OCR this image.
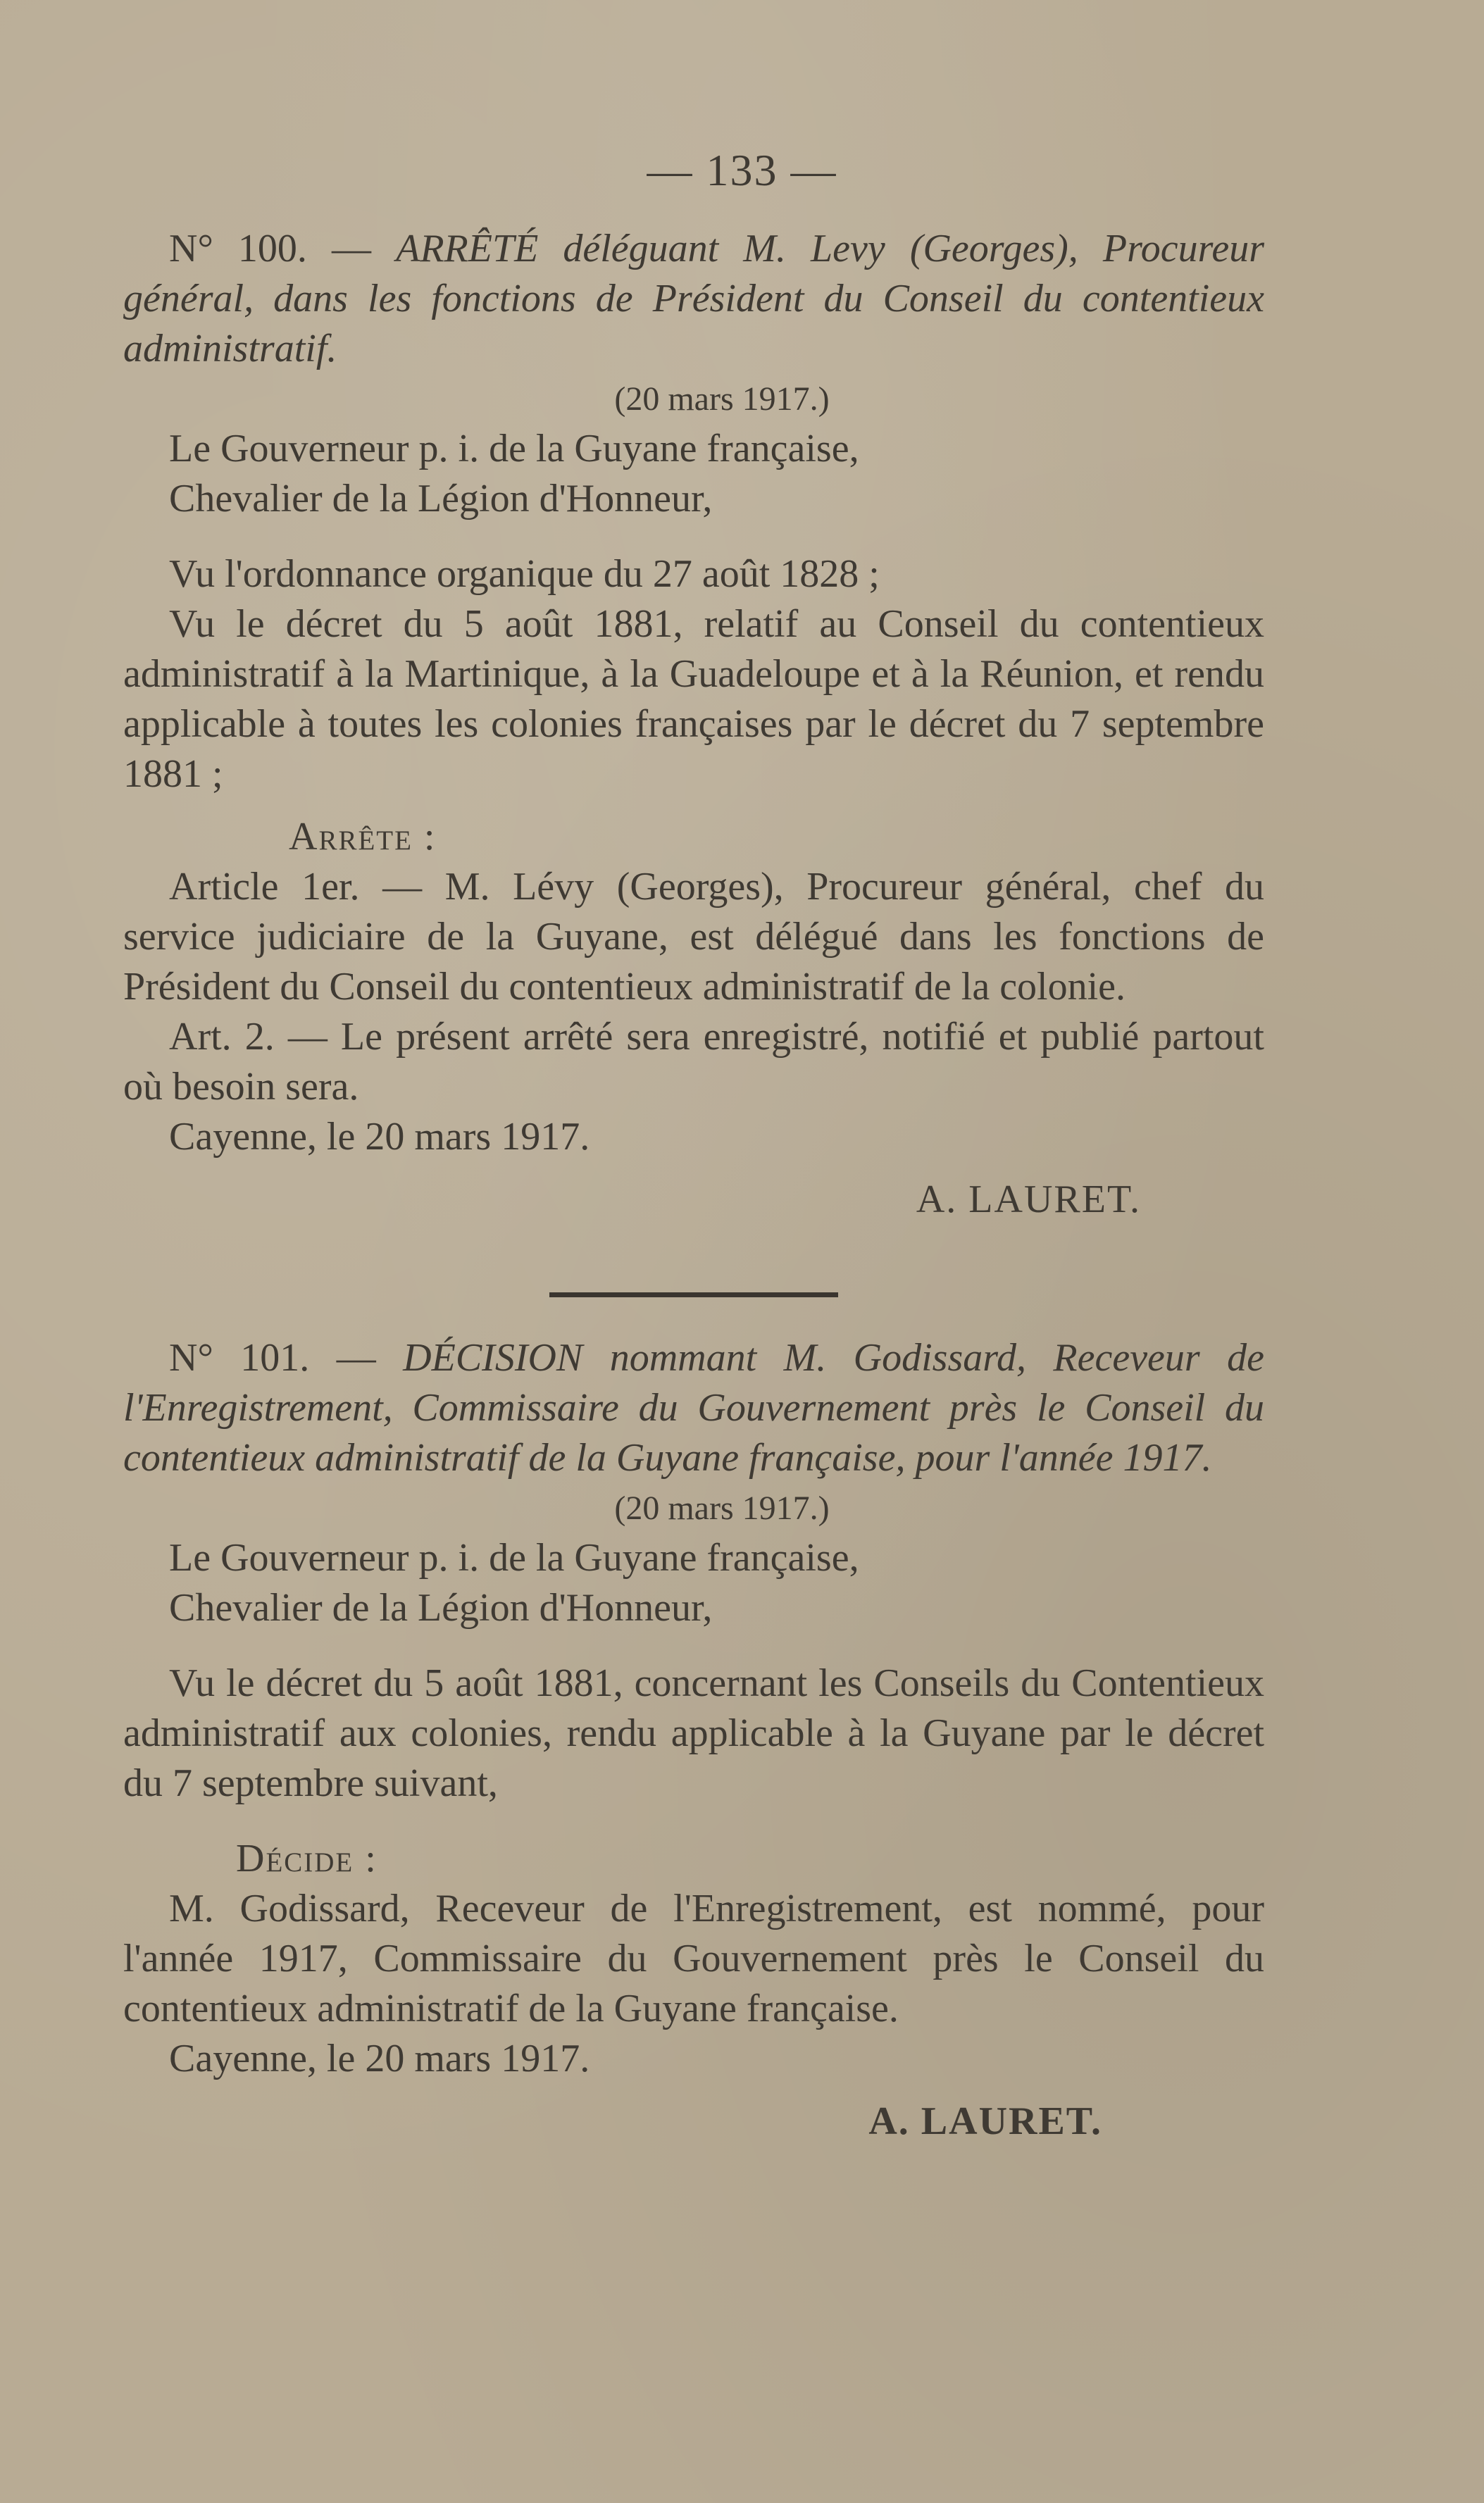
— 133 —

N° 100. — ARRÊTÉ déléguant M. Levy (Georges), Procureur général, dans les fonctions de Président du Conseil du contentieux administratif.

(20 mars 1917.)

Le Gouverneur p. i. de la Guyane française,

Chevalier de la Légion d'Honneur,

Vu l'ordonnance organique du 27 août 1828 ;

Vu le décret du 5 août 1881, relatif au Conseil du contentieux administratif à la Martinique, à la Guadeloupe et à la Réunion, et rendu applicable à toutes les colonies françaises par le décret du 7 septembre 1881 ;

Arrête :

Article 1er. — M. Lévy (Georges), Procureur général, chef du service judiciaire de la Guyane, est délégué dans les fonctions de Président du Conseil du contentieux administratif de la colonie.

Art. 2. — Le présent arrêté sera enregistré, notifié et publié partout où besoin sera.

Cayenne, le 20 mars 1917.

A. LAURET.

N° 101. — DÉCISION nommant M. Godissard, Receveur de l'Enregistrement, Commissaire du Gouvernement près le Conseil du contentieux administratif de la Guyane française, pour l'année 1917.

(20 mars 1917.)

Le Gouverneur p. i. de la Guyane française,

Chevalier de la Légion d'Honneur,

Vu le décret du 5 août 1881, concernant les Conseils du Contentieux administratif aux colonies, rendu applicable à la Guyane par le décret du 7 septembre suivant,

Décide :

M. Godissard, Receveur de l'Enregistrement, est nommé, pour l'année 1917, Commissaire du Gouvernement près le Conseil du contentieux administratif de la Guyane française.

Cayenne, le 20 mars 1917.

A. LAURET.
